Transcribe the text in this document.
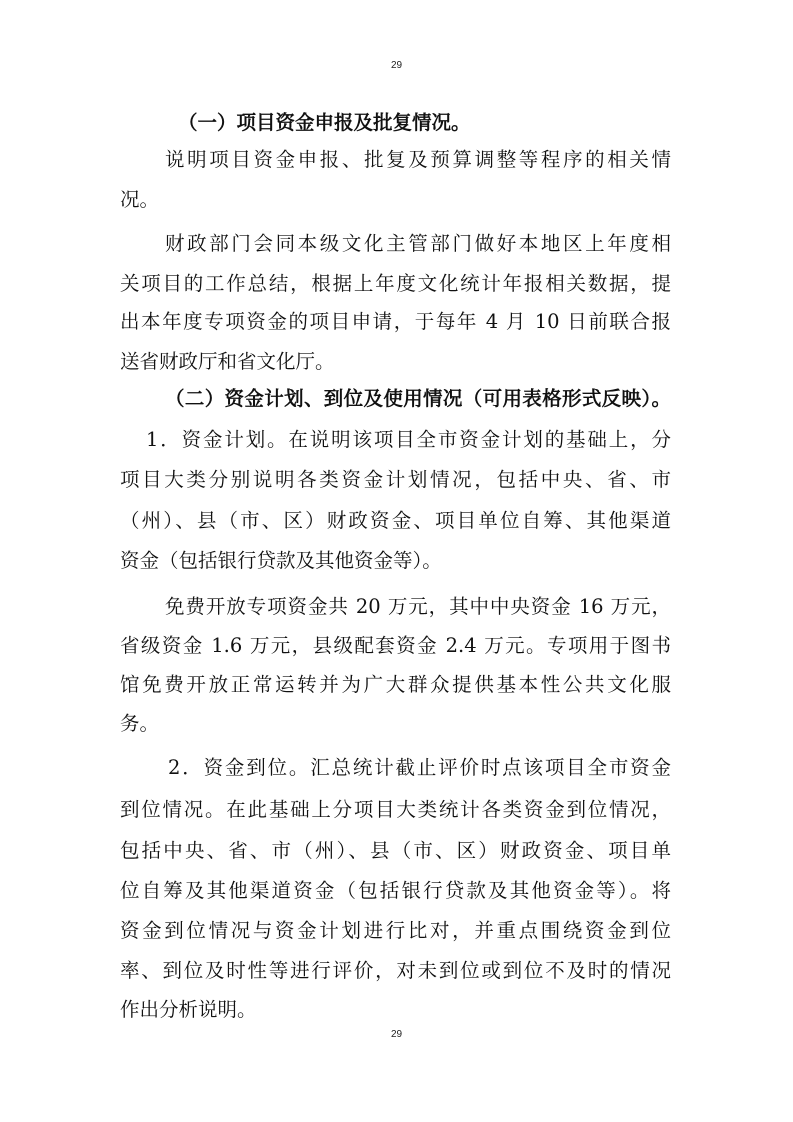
29
（一）项目资金申报及批复情况。
说明项目资金申报、批复及预算调整等程序的相关情
况。
财政部门会同本级文化主管部门做好本地区上年度相
关项目的工作总结，根据上年度文化统计年报相关数据，提
出本年度专项资金的项目申请，于每年 4 月 10 日前联合报
送省财政厅和省文化厅。
（二）资金计划、到位及使用情况（可用表格形式反映）。
1．资金计划。在说明该项目全市资金计划的基础上，分
项目大类分别说明各类资金计划情况，包括中央、省、市
（州）、县（市、区）财政资金、项目单位自筹、其他渠道
资金（包括银行贷款及其他资金等）。
免费开放专项资金共 20 万元，其中中央资金 16 万元，
省级资金 1.6 万元，县级配套资金 2.4 万元。专项用于图书
馆免费开放正常运转并为广大群众提供基本性公共文化服
务。
2．资金到位。汇总统计截止评价时点该项目全市资金
到位情况。在此基础上分项目大类统计各类资金到位情况，
包括中央、省、市（州）、县（市、区）财政资金、项目单
位自筹及其他渠道资金（包括银行贷款及其他资金等）。将
资金到位情况与资金计划进行比对，并重点围绕资金到位
率、到位及时性等进行评价，对未到位或到位不及时的情况
作出分析说明。
29
